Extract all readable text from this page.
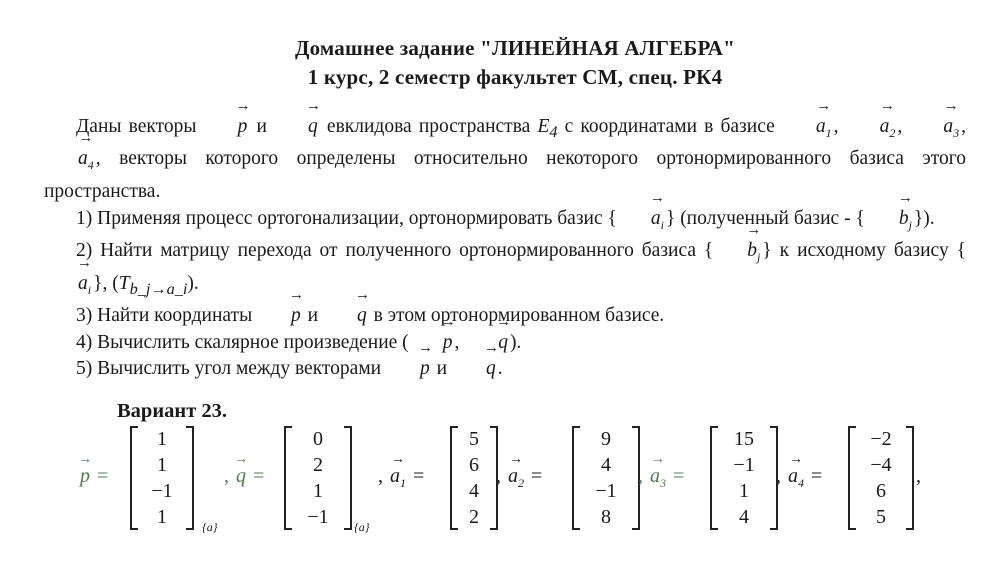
Домашнее задание "ЛИНЕЙНАЯ АЛГЕБРА"
1 курс, 2 семестр факультет СМ, спец. РК4

Даны векторы → p и → q евклидова пространства $E_4$ с координатами в базисе → $a_1$ , → $a_2$ , → $a_3$ , → $a_4$ , векторы которого определены относительно некоторого ортонормированного базиса этого пространства.

1) Применяя процесс ортогонализации, ортонормировать базис { → $a_i$ } (полученный базис - { → $b_j$ }).

2) Найти матрицу перехода от полученного ортонормированного базиса { → $b_j$ } к исходному базису {→ $a_i$ }, $(T_{b\_j\to a\_i})$.

3) Найти координаты → p и → q в этом ортонормированном базисе.

4) Вычислить скалярное произведение ( → p , → q ).

5) Вычислить угол между векторами → p и → q .

Вариант 23.
→ p =
1
1
−1
1	{a}
, → q =
0
2
1
−1	{a}
, → $a_1$ =
5
6
4
2
, → $a_2$ =
9
4
−1
8
, → $a_3$ =
15
−1
1
4
, → $a_4$ =
−2
−4
6
5
,
